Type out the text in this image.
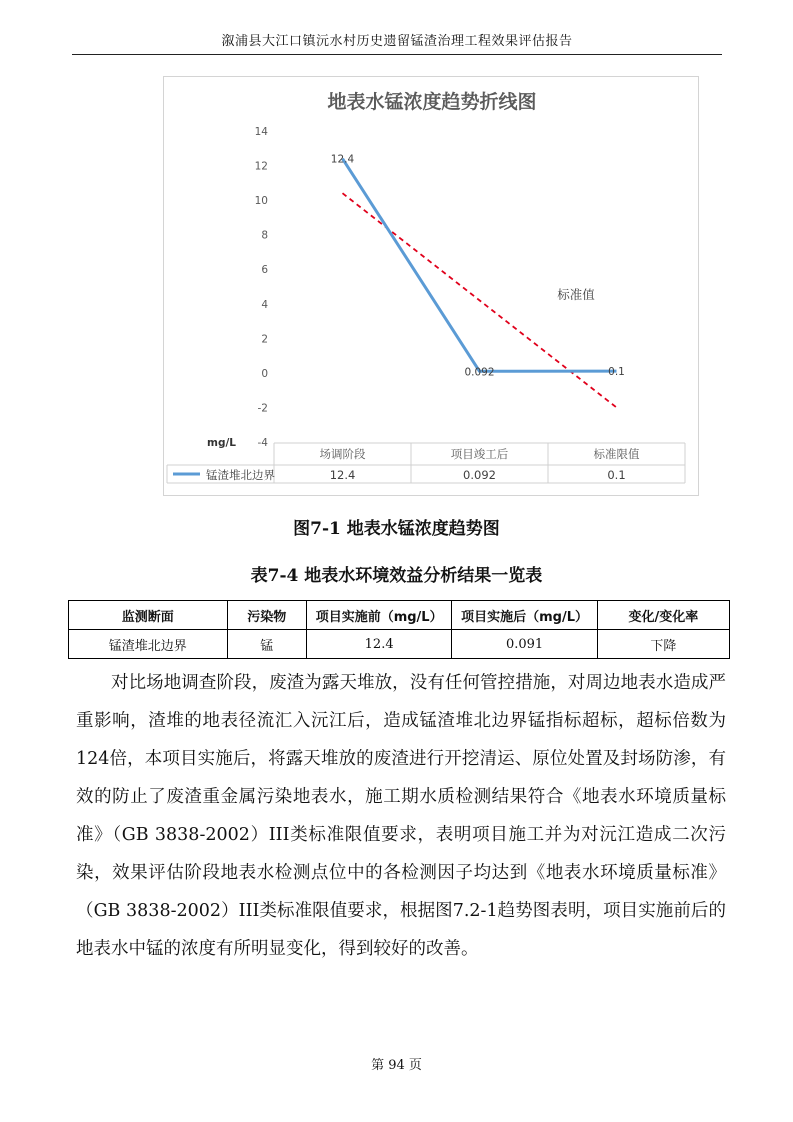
溆浦县大江口镇沅水村历史遗留锰渣治理工程效果评估报告
地表水锰浓度趋势折线图
-4
-2
0
2
4
6
8
10
12
14
mg/L
场调阶段	项目竣工后	标准限值
12.4	0.092	0.1
锰渣堆北边界
12.4
0.092	0.1
标准值
图7-1 地表水锰浓度趋势图
表7-4 地表水环境效益分析结果一览表
监测断面	污染物	项目实施前（mg/L）	项目实施后（mg/L）	变化/变化率
锰渣堆北边界	锰	12.4	0.091	下降
对比场地调查阶段，废渣为露天堆放，没有任何管控措施，对周边地表水造成严重影响，渣堆的地表径流汇入沅江后，造成锰渣堆北边界锰指标超标，超标倍数为124倍，本项目实施后，将露天堆放的废渣进行开挖清运、原位处置及封场防渗，有效的防止了废渣重金属污染地表水，施工期水质检测结果符合《地表水环境质量标准》（GB 3838-2002）III类标准限值要求，表明项目施工并为对沅江造成二次污染，效果评估阶段地表水检测点位中的各检测因子均达到《地表水环境质量标准》（GB 3838-2002）III类标准限值要求，根据图7.2-1趋势图表明，项目实施前后的地表水中锰的浓度有所明显变化，得到较好的改善。
第 94 页
